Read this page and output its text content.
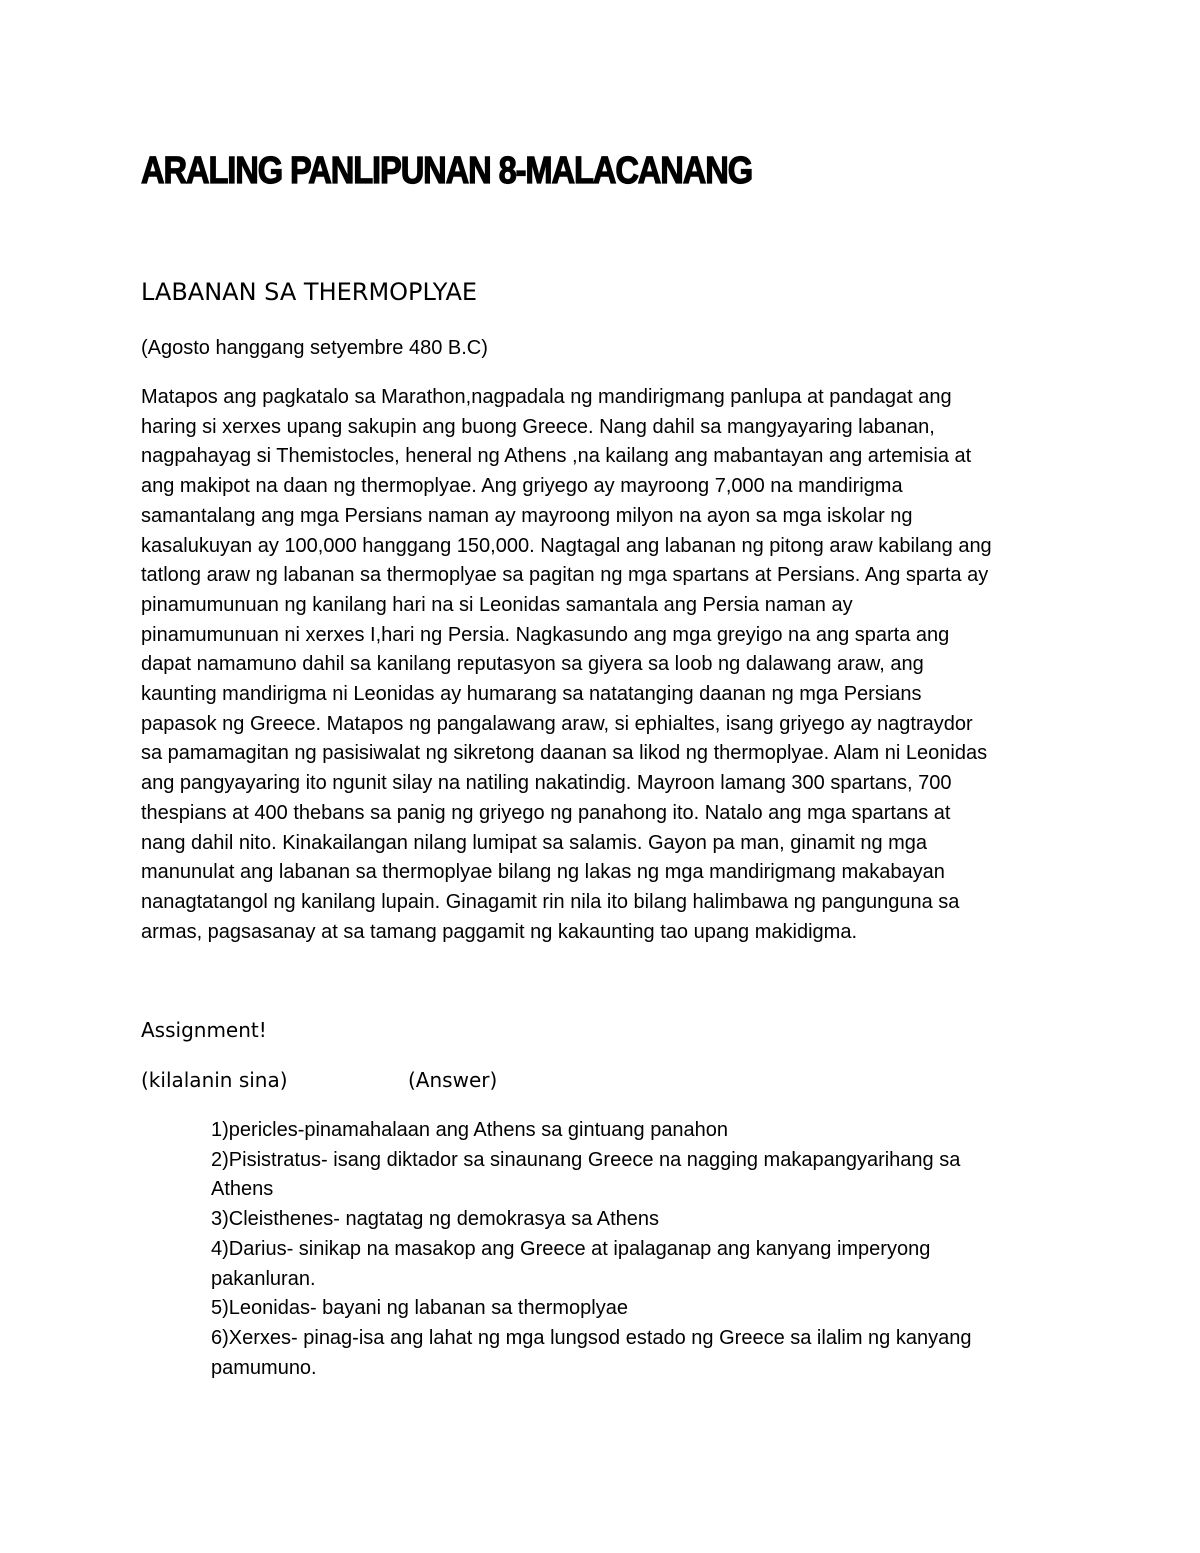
ARALING PANLIPUNAN 8-MALACANANG
LABANAN SA THERMOPLYAE

(Agosto hanggang setyembre 480 B.C)

Matapos ang pagkatalo sa Marathon,nagpadala ng mandirigmang panlupa at pandagat ang
haring si xerxes upang sakupin ang buong Greece. Nang dahil sa mangyayaring labanan,
nagpahayag si Themistocles, heneral ng Athens ,na kailang ang mabantayan ang artemisia at
ang makipot na daan ng thermoplyae. Ang griyego ay mayroong 7,000 na mandirigma
samantalang ang mga Persians naman ay mayroong milyon na ayon sa mga iskolar ng
kasalukuyan ay 100,000 hanggang 150,000. Nagtagal ang labanan ng pitong araw kabilang ang
tatlong araw ng labanan sa thermoplyae sa pagitan ng mga spartans at Persians. Ang sparta ay
pinamumunuan ng kanilang hari na si Leonidas samantala ang Persia naman ay
pinamumunuan ni xerxes I,hari ng Persia. Nagkasundo ang mga greyigo na ang sparta ang
dapat namamuno dahil sa kanilang reputasyon sa giyera sa loob ng dalawang araw, ang
kaunting mandirigma ni Leonidas ay humarang sa natatanging daanan ng mga Persians
papasok ng Greece. Matapos ng pangalawang araw, si ephialtes, isang griyego ay nagtraydor
sa pamamagitan ng pasisiwalat ng sikretong daanan sa likod ng thermoplyae. Alam ni Leonidas
ang pangyayaring ito ngunit silay na natiling nakatindig. Mayroon lamang 300 spartans, 700
thespians at 400 thebans sa panig ng griyego ng panahong ito. Natalo ang mga spartans at
nang dahil nito. Kinakailangan nilang lumipat sa salamis. Gayon pa man, ginamit ng mga
manunulat ang labanan sa thermoplyae bilang ng lakas ng mga mandirigmang makabayan
nanagtatangol ng kanilang lupain. Ginagamit rin nila ito bilang halimbawa ng pangunguna sa
armas, pagsasanay at sa tamang paggamit ng kakaunting tao upang makidigma.

Assignment!

(kilalanin sina)	(Answer)
1)pericles-pinamahalaan ang Athens sa gintuang panahon
2)Pisistratus- isang diktador sa sinaunang Greece na nagging makapangyarihang sa
Athens
3)Cleisthenes- nagtatag ng demokrasya sa Athens
4)Darius- sinikap na masakop ang Greece at ipalaganap ang kanyang imperyong
pakanluran.
5)Leonidas- bayani ng labanan sa thermoplyae
6)Xerxes- pinag-isa ang lahat ng mga lungsod estado ng Greece sa ilalim ng kanyang
pamumuno.
